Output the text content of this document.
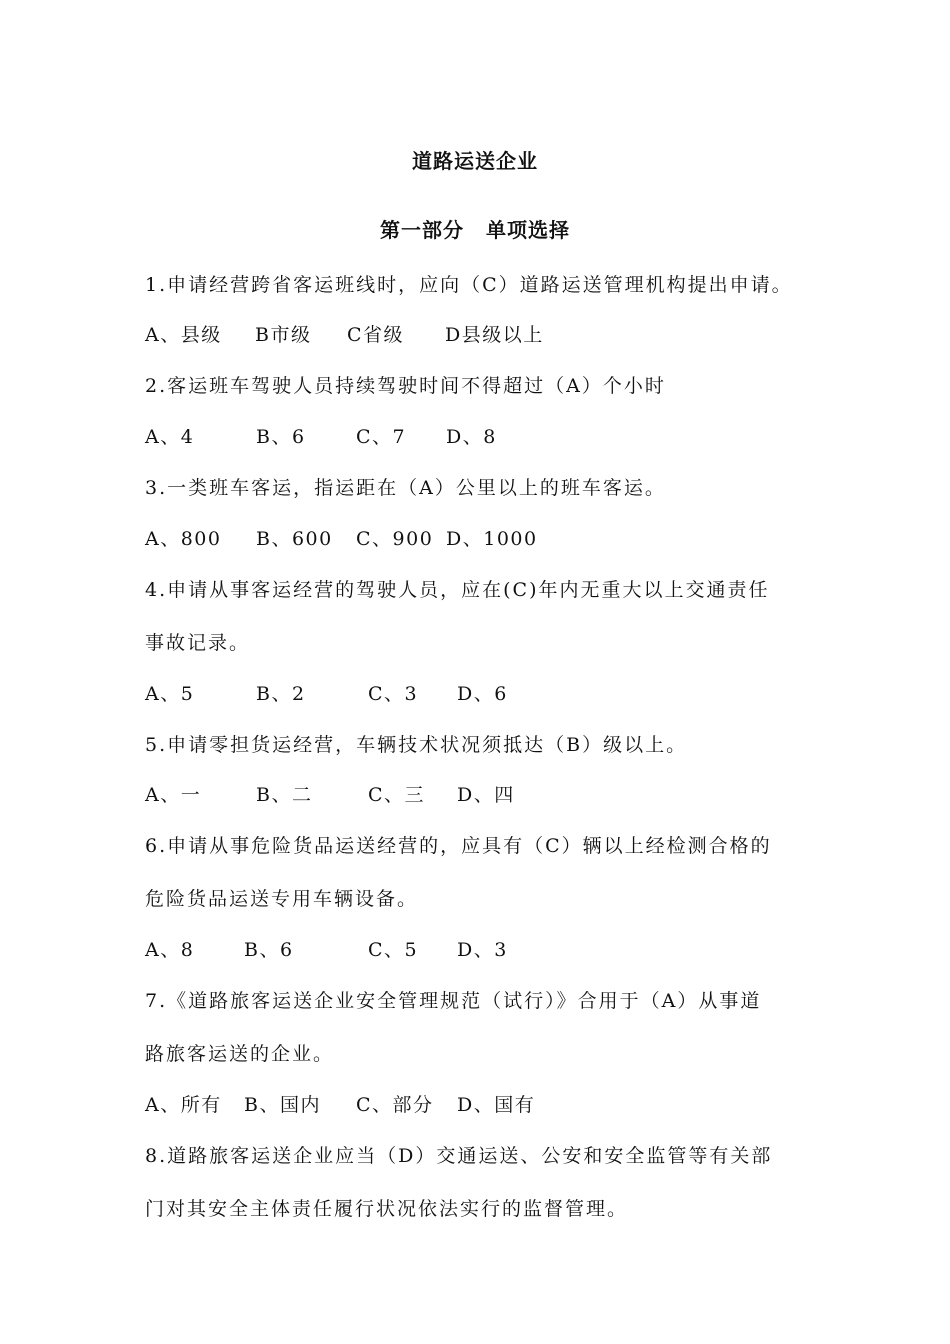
道路运送企业
第一部分 单项选择
1.申请经营跨省客运班线时，应向（C）道路运送管理机构提出申请。
A、县级 B市级 C省级 D县级以上
2.客运班车驾驶人员持续驾驶时间不得超过（A）个小时
A、4	B、6	C、7 D、8
3.一类班车客运，指运距在（A）公里以上的班车客运。
A、800 B、600 C、900 D、1000
4.申请从事客运经营的驾驶人员，应在(C)年内无重大以上交通责任
事故记录。
A、5	B、2	C、3 D、6
5.申请零担货运经营，车辆技术状况须抵达（B）级以上。
A、一	B、二	C、三 D、四
6.申请从事危险货品运送经营的，应具有（C）辆以上经检测合格的
危险货品运送专用车辆设备。
A、8	B、6	C、5 D、3
7.《道路旅客运送企业安全管理规范（试行）》合用于（A）从事道
路旅客运送的企业。
A、所有 B、国内 C、部分 D、国有
8.道路旅客运送企业应当（D）交通运送、公安和安全监管等有关部
门对其安全主体责任履行状况依法实行的监督管理。
